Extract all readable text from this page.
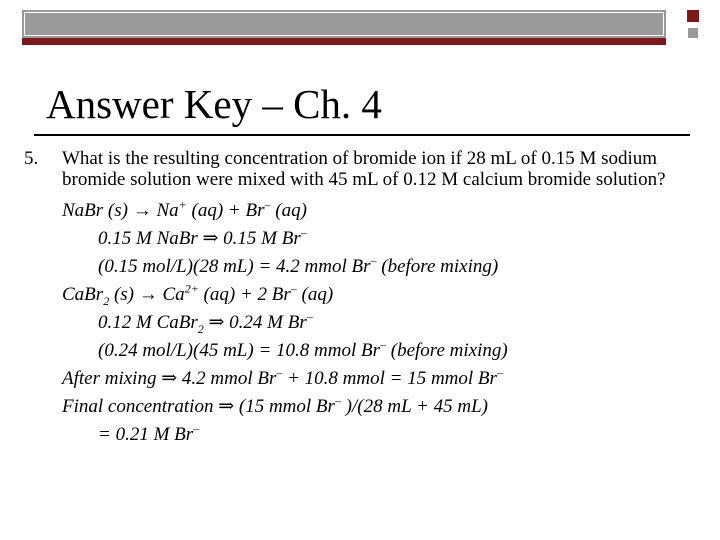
Answer Key – Ch. 4

5. What is the resulting concentration of bromide ion if 28 mL of 0.15 M sodium bromide solution were mixed with 45 mL of 0.12 M calcium bromide solution?

NaBr (s) → Na+ (aq) + Br– (aq)

0.15 M NaBr ⇒ 0.15 M Br–

(0.15 mol/L)(28 mL) = 4.2 mmol Br– (before mixing)

CaBr$_2$ $(s) \to Ca^{2+}$ (aq) + 2 Br– (aq)

0.12 M CaBr$_2$ ⇒ 0.24 M Br–

(0.24 mol/L)(45 mL) = 10.8 mmol Br– (before mixing)

After mixing ⇒ 4.2 mmol Br– + 10.8 mmol = 15 mmol Br–

Final concentration ⇒ (15 mmol Br– )/(28 mL + 45 mL)

= 0.21 M Br–
